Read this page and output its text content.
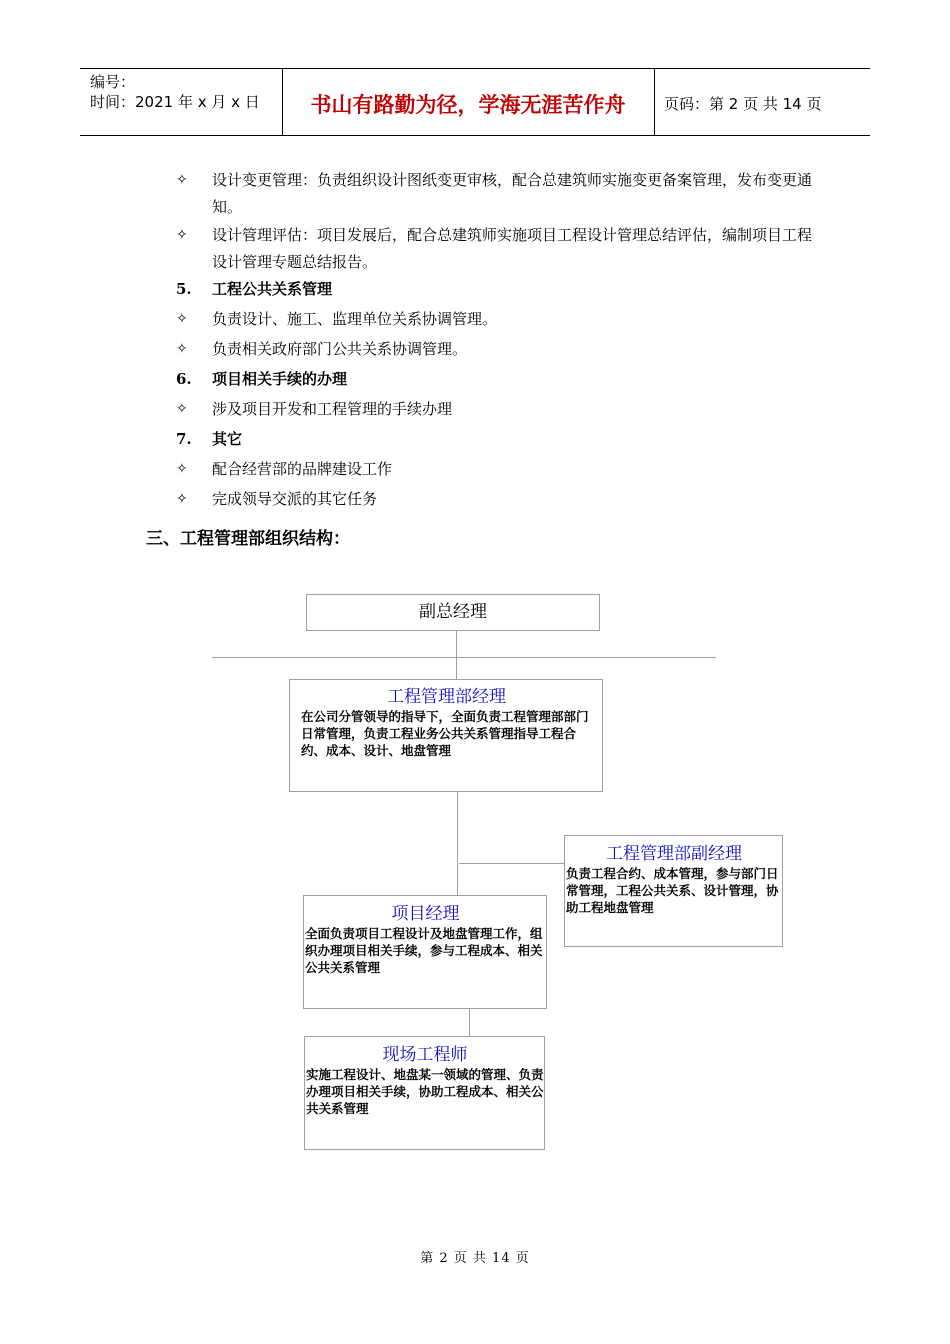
编号：
时间：2021 年 x 月 x 日	书山有路勤为径，学海无涯苦作舟	页码：第 2 页 共 14 页
✧	设计变更管理：负责组织设计图纸变更审核，配合总建筑师实施变更备案管理，发布变更通知。
✧	设计管理评估：项目发展后，配合总建筑师实施项目工程设计管理总结评估，编制项目工程设计管理专题总结报告。
5. 工程公共关系管理
✧	负责设计、施工、监理单位关系协调管理。
✧	负责相关政府部门公共关系协调管理。
6. 项目相关手续的办理
✧	涉及项目开发和工程管理的手续办理
7. 其它
✧	配合经营部的品牌建设工作
✧	完成领导交派的其它任务
三、工程管理部组织结构：
副总经理
工程管理部经理
在公司分管领导的指导下，全面负责工程管理部部门日常管理，负责工程业务公共关系管理指导工程合约、成本、设计、地盘管理
工程管理部副经理
负责工程合约、成本管理，参与部门日常管理，工程公共关系、设计管理，协助工程地盘管理
项目经理
全面负责项目工程设计及地盘管理工作，组织办理项目相关手续，参与工程成本、相关公共关系管理
现场工程师
实施工程设计、地盘某一领域的管理、负责办理项目相关手续，协助工程成本、相关公共关系管理
第 2 页 共 14 页
